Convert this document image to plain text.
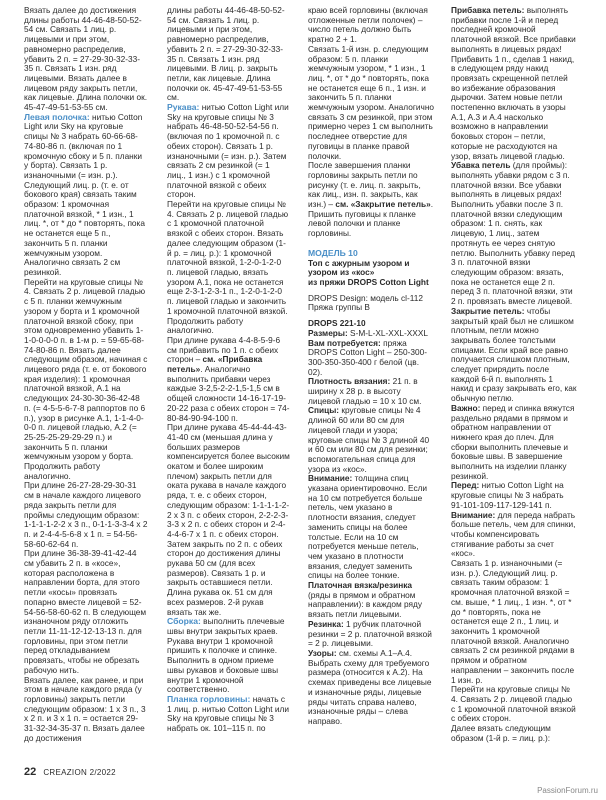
Вязать далее до достижения длины работы 44-46-48-50-52-54 см. Связать 1 лиц. р. лицевыми и при этом, равномерно распределив, убавить 2 п. = 27-29-30-32-33-35 п. Связать 1 изн. ряд лицевыми. Вязать далее в лицевом ряду закрыть петли, как лицевые. Длина полочки ок. 45-47-49-51-53-55 см.

Левая полочка: нитью Cotton Light или Sky на круговые спицы № 3 набрать 60-66-68-74-80-86 п. (включая по 1 кромочную сбоку и 5 п. планки у борта). Связать 1 р. изнаночными (= изн. р.). Следующий лиц. р. (т. е. от бокового края) связать таким образом: 1 кромочная платочной вязкой, * 1 изн., 1 лиц. *, от * до * повторять, пока не останется еще 5 п., закончить 5 п. планки жемчужным узором. Аналогично связать 2 см резинкой.

Перейти на круговые спицы № 4. Связать 2 р. лицевой гладью с 5 п. планки жемчужным узором у борта и 1 кромочной платочной вязкой сбоку, при этом одновременно убавить 1-1-0-0-0-0 п. в 1-м р. = 59-65-68-74-80-86 п. Вязать далее следующим образом, начиная с лицевого ряда (т. е. от бокового края изделия): 1 кромочная платочной вязкой, А.1 на следующих 24-30-30-36-42-48 п. (= 4-5-5-6-7-8 раппортов по 6 п.), узор в рисунке A.1, 1-1-4-0-0-0 п. лицевой гладью, A.2 (= 25-25-25-29-29-29 п.) и закончить 5 п. планки жемчужным узором у борта. Продолжить работу аналогично.

При длине 26-27-28-29-30-31 см в начале каждого лицевого ряда закрыть петли для проймы следующим образом: 1-1-1-1-2-2 х 3 п., 0-1-1-3-3-4 х 2 п. и 2-4-4-5-6-8 х 1 п. = 54-56-58-60-62-64 п.

При длине 36-38-39-41-42-44 см убавить 2 п. в «косе», которая расположена в направлении борта, для этого петли «косы» провязать попарно вместе лицевой = 52-54-56-58-60-62 п. В следующем изнаночном ряду отложить петли 11-11-12-12-13-13 п. для горловины, при этом петли перед откладыванием провязать, чтобы не обрезать рабочую нить.

Вязать далее, как ранее, и при этом в начале каждого ряда (у горловины) закрыть петли следующим образом: 1 х 3 п., 3 х 2 п. и 3 х 1 п. = остается 29-31-32-34-35-37 п. Вязать далее до достижения

длины работы 44-46-48-50-52-54 см. Связать 1 лиц. р. лицевыми и при этом, равномерно распределив, убавить 2 п. = 27-29-30-32-33-35 п. Связать 1 изн. ряд лицевыми. В лиц. р. закрыть петли, как лицевые. Длина полочки ок. 45-47-49-51-53-55 см.

Рукава: нитью Cotton Light или Sky на круговые спицы № 3 набрать 46-48-50-52-54-56 п. (включая по 1 кромочной п. с обеих сторон). Связать 1 р. изнаночными (= изн. р.). Затем связать 2 см резинкой (= 1 лиц., 1 изн.) с 1 кромочной платочной вязкой с обеих сторон.

Перейти на круговые спицы № 4. Связать 2 р. лицевой гладью с 1 кромочной платочной вязкой с обеих сторон. Вязать далее следующим образом (1-й р. = лиц. р.): 1 кромочной платочной вязкой, 1-2-0-1-2-0 п. лицевой гладью, вязать узором А.1, пока не останется еще 2-3-1-2-3-1 п., 1-2-0-1-2-0 п. лицевой гладью и закончить 1 кромочной платочной вязкой. Продолжить работу аналогично.

При длине рукава 4-4-8-5-9-6 см прибавить по 1 п. с обеих сторон – см. «Прибавка петель». Аналогично выполнить прибавки через каждые 3-2,5-2-2-1,5-1,5 см в общей сложности 14-16-17-19-20-22 раза с обеих сторон = 74-80-84-90-94-100 п.

При длине рукава 45-44-44-43-41-40 см (меньшая длина у больших размеров компенсируется более высоким окатом и более широким плечом) закрыть петли для оката рукава в начале каждого ряда, т. е. с обеих сторон, следующим образом: 1-1-1-1-2-2 х 3 п. с обеих сторон, 2-2-2-3-3-3 х 2 п. с обеих сторон и 2-4-4-4-6-7 х 1 п. с обеих сторон. Затем закрыть по 2 п. с обеих сторон до достижения длины рукава 50 см (для всех размеров). Связать 1 р. и закрыть оставшиеся петли. Длина рукава ок. 51 см для всех размеров. 2-й рукав вязать так же.

Сборка: выполнить плечевые швы внутри закрытых краев. Рукава внутри 1 кромочной пришить к полочке и спинке. Выполнить в одном приеме швы рукавов и боковые швы внутри 1 кромочной соответственно.

Планка горловины: начать с 1 лиц. р. нитью Cotton Light или Sky на круговые спицы № 3 набрать ок. 101–115 п. по

краю всей горловины (включая отложенные петли полочек) – число петель должно быть кратно 2 + 1.

Связать 1-й изн. р. следующим образом: 5 п. планки жемчужным узором, * 1 изн., 1 лиц. *, от * до * повторять, пока не останется еще 6 п., 1 изн. и закончить 5 п. планки жемчужным узором. Аналогично связать 3 см резинкой, при этом примерно через 1 см выполнить последнее отверстие для пуговицы в планке правой полочки.

После завершения планки горловины закрыть петли по рисунку (т. е. лиц. п. закрыть, как лиц., изн. п. закрыть, как изн.) – см. «Закрытие петель». Пришить пуговицы к планке левой полочки и планке горловины.

МОДЕЛЬ 10

Топ с ажурным узором и узором из «кос»

из пряжи DROPS Cotton Light

DROPS Design: модель cl-112

Пряжа группы B

DROPS 221-10

Размеры: S-M-L-XL-XXL-XXXL

Вам потребуется: пряжа DROPS Cotton Light – 250-300-300-350-350-400 г белой (цв. 02).

Плотность вязания: 21 п. в ширину х 28 р. в высоту лицевой гладью = 10 х 10 см.

Спицы: круговые спицы № 4 длиной 60 или 80 см для лицевой глади и узора; круговые спицы № 3 длиной 40 и 60 см или 80 см для резинки; вспомогательная спица для узора из «кос».

Внимание: толщина спиц указана ориентировочно. Если на 10 см потребуется больше петель, чем указано в плотности вязания, следует заменить спицы на более толстые. Если на 10 см потребуется меньше петель, чем указано в плотности вязания, следует заменить спицы на более тонкие.

Платочная вязка/резинка (ряды в прямом и обратном направлении): в каждом ряду вязать петли лицевыми.

Резинка: 1 рубчик платочной резинки = 2 р. платочной вязкой = 2 р. лицевыми.

Узоры: см. схемы А.1–А.4. Выбрать схему для требуемого размера (относится к А.2). На схемах приведены все лицевые и изнаночные ряды, лицевые ряды читать справа налево, изнаночные ряды – слева направо.

Прибавка петель: выполнять прибавки после 1-й и перед последней кромочной платочной вязкой. Все прибавки выполнять в лицевых рядах! Прибавить 1 п., сделав 1 накид, в следующем ряду накид провязать скрещенной петлей во избежание образования дырочки. Затем новые петли постепенно включать в узоры A.1, A.3 и A.4 насколько возможно в направлении боковых сторон – петли, которые не расходуются на узор, вязать лицевой гладью.

Убавка петель (для проймы): выполнять убавки рядом с 3 п. платочной вязки. Все убавки выполнять в лицевых рядах! Выполнить убавки после 3 п. платочной вязки следующим образом: 1 п. снять, как лицевую, 1 лиц., затем протянуть ее через снятую петлю. Выполнить убавку перед 3 п. платочной вязки следующим образом: вязать, пока не останется еще 2 п. перед 3 п. платочной вязки, эти 2 п. провязать вместе лицевой.

Закрытие петель: чтобы закрытый край был не слишком плотным, петли можно закрывать более толстыми спицами. Если край все равно получается слишком плотным, следует прирядить после каждой 6-й п. выполнять 1 накид и сразу закрывать его, как обычную петлю.

Важно: перед и спинка вяжутся раздельно рядами в прямом и обратном направлении от нижнего края до плеч. Для сборки выполнить плечевые и боковые швы. В завершение выполнить на изделии планку резинкой.

Перед: нитью Cotton Light на круговые спицы № 3 набрать 91-101-109-117-129-141 п.

Внимание: для переда набрать больше петель, чем для спинки, чтобы компенсировать стягивание работы за счет «кос».

Связать 1 р. изнаночными (= изн. р.). Следующий лиц. р. связать таким образом: 1 кромочная платочной вязкой = см. выше, * 1 лиц., 1 изн. *, от * до * повторять, пока не останется еще 2 п., 1 лиц. и закончить 1 кромочной платочной вязкой. Аналогично связать 2 см резинкой рядами в прямом и обратном направлении – закончить после 1 изн. р.

Перейти на круговые спицы № 4. Связать 2 р. лицевой гладью с 1 кромочной платочной вязкой с обеих сторон.

Далее вязать следующим образом (1-й р. = лиц. р.):

22 CREAZION 2/2022
PassionForum.ru
